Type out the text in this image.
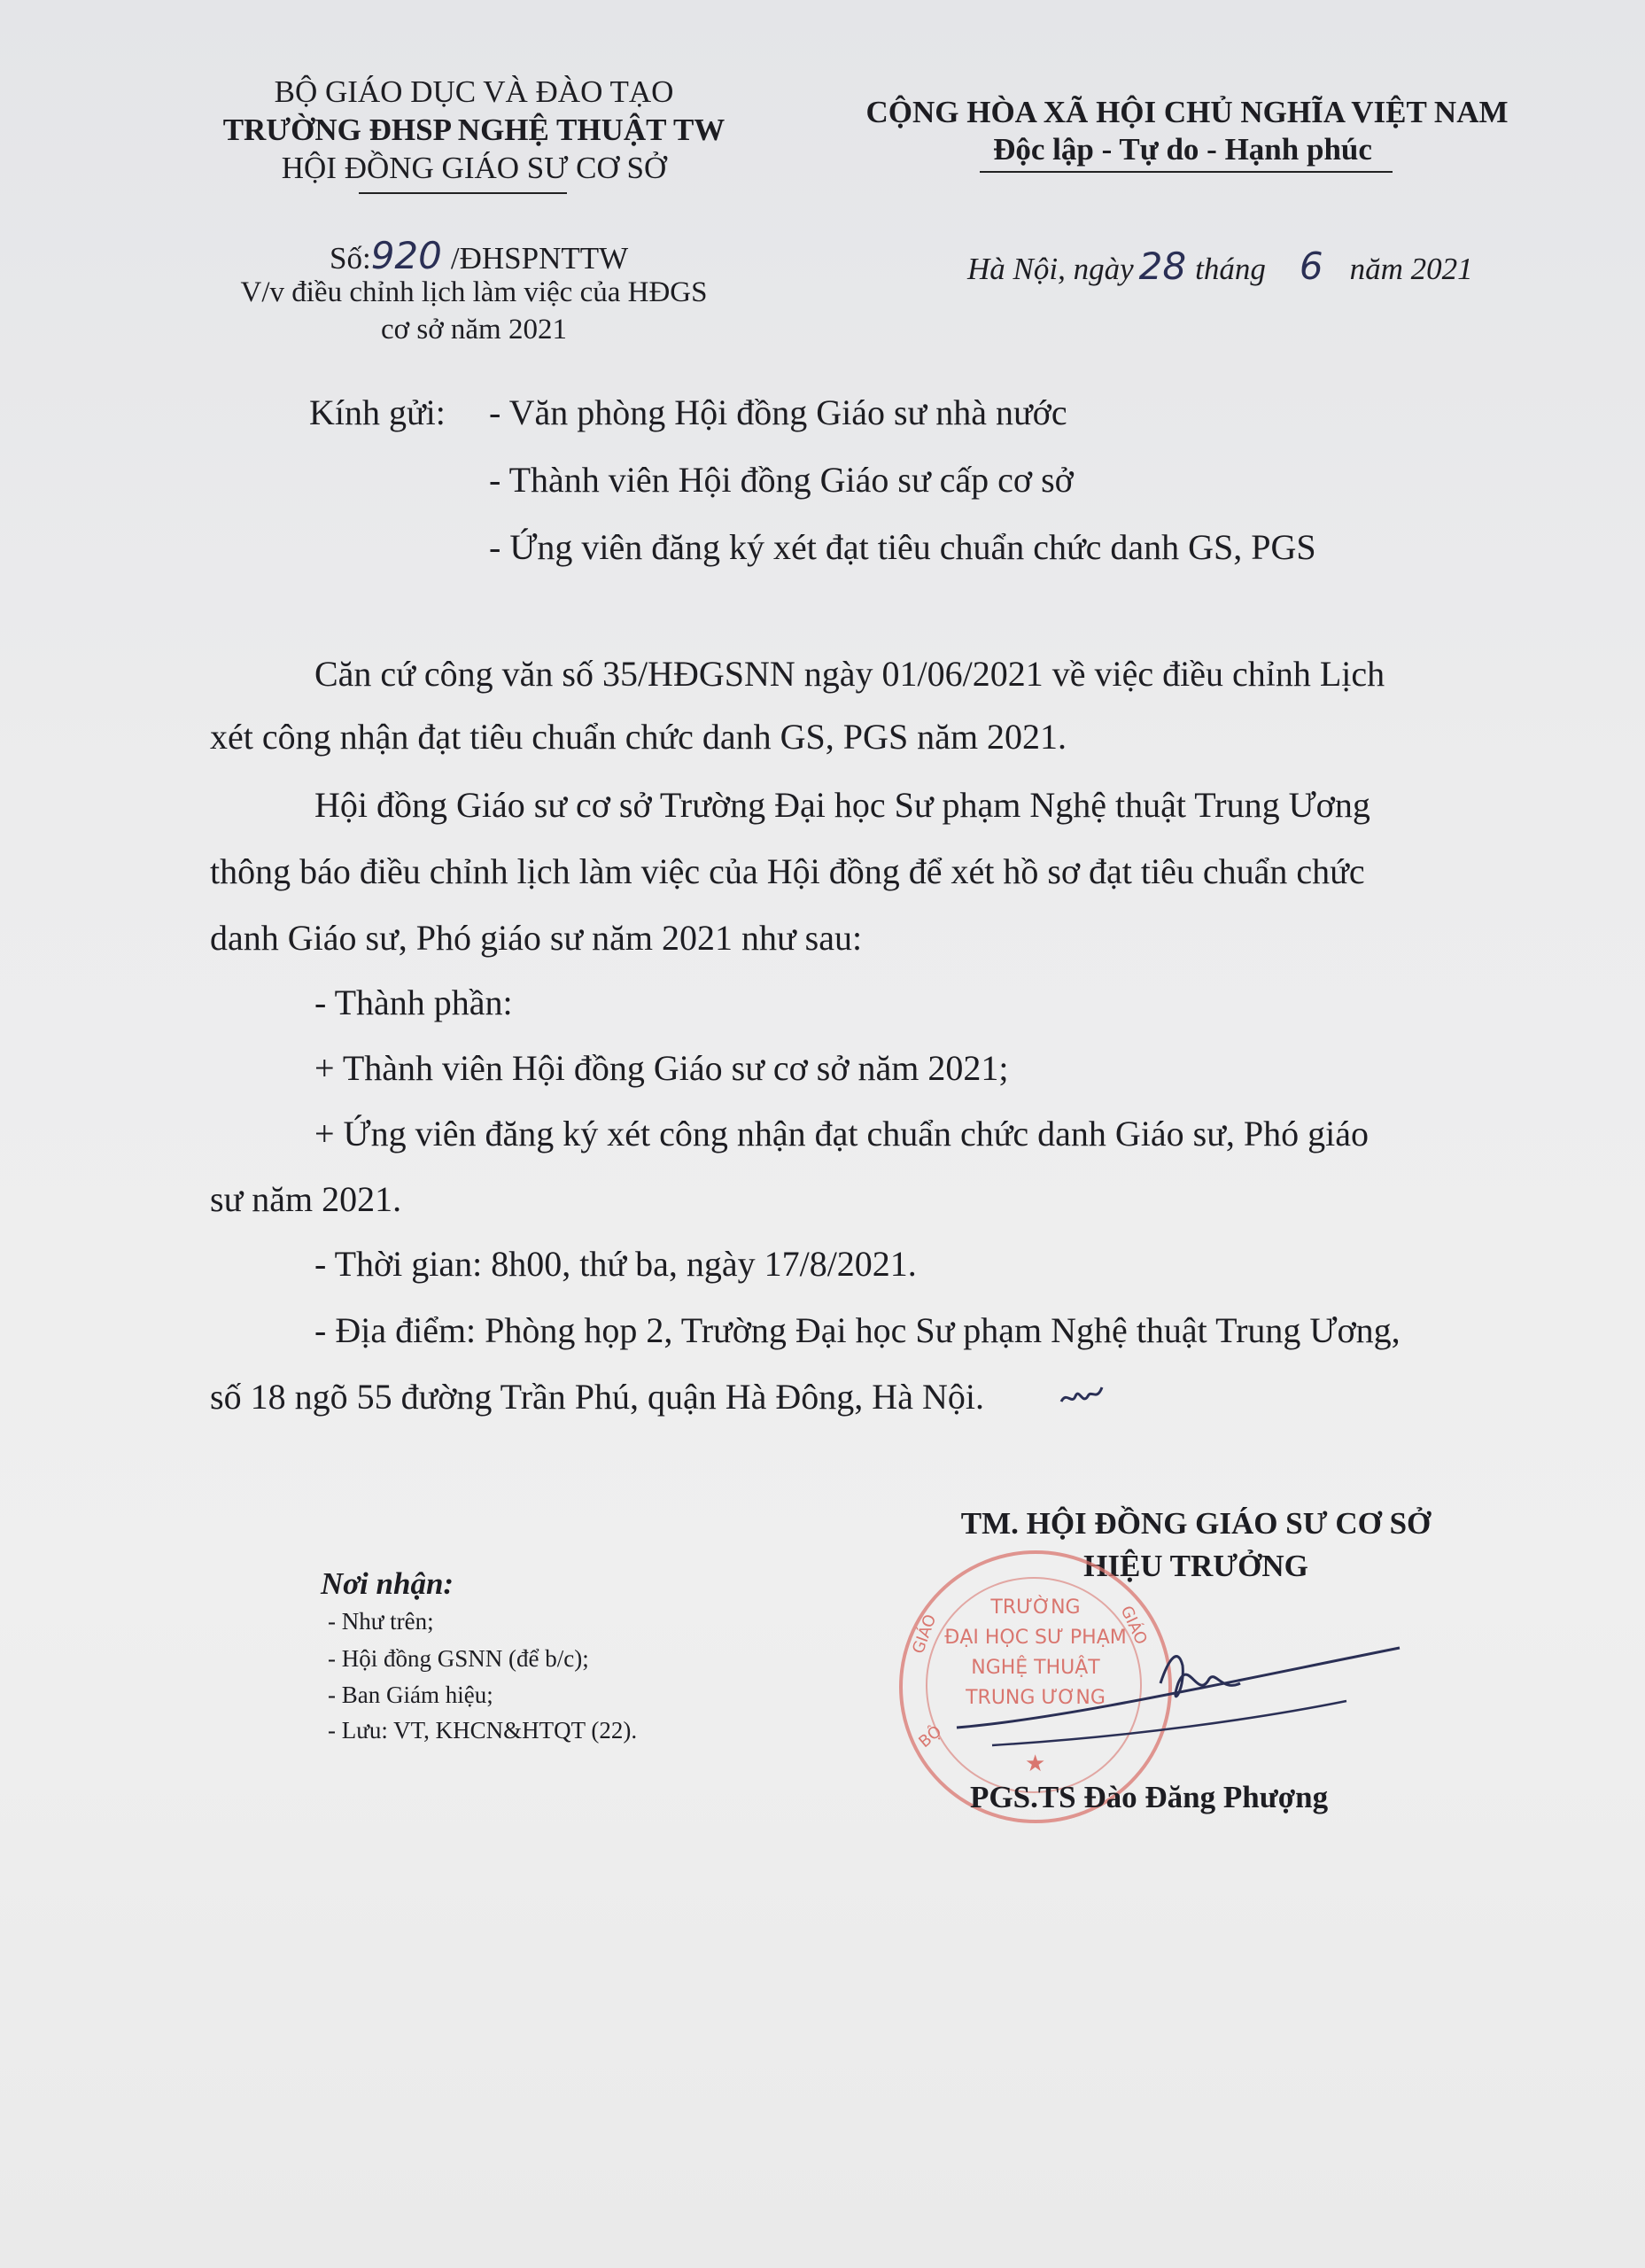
BỘ GIÁO DỤC VÀ ĐÀO TẠO
TRƯỜNG ĐHSP NGHỆ THUẬT TW
HỘI ĐỒNG GIÁO SƯ CƠ SỞ
Số:920 /ĐHSPNTTW
V/v điều chỉnh lịch làm việc của HĐGS
cơ sở năm 2021
CỘNG HÒA XÃ HỘI CHỦ NGHĨA VIỆT NAM
Độc lập - Tự do - Hạnh phúc
Hà Nội, ngày 28 tháng 6 năm 2021
Kính gửi: - Văn phòng Hội đồng Giáo sư nhà nước
- Thành viên Hội đồng Giáo sư cấp cơ sở
- Ứng viên đăng ký xét đạt tiêu chuẩn chức danh GS, PGS
Căn cứ công văn số 35/HĐGSNN ngày 01/06/2021 về việc điều chỉnh Lịch
xét công nhận đạt tiêu chuẩn chức danh GS, PGS năm 2021.
Hội đồng Giáo sư cơ sở Trường Đại học Sư phạm Nghệ thuật Trung Ương
thông báo điều chỉnh lịch làm việc của Hội đồng để xét hồ sơ đạt tiêu chuẩn chức
danh Giáo sư, Phó giáo sư năm 2021 như sau:
- Thành phần:
+ Thành viên Hội đồng Giáo sư cơ sở năm 2021;
+ Ứng viên đăng ký xét công nhận đạt chuẩn chức danh Giáo sư, Phó giáo
sư năm 2021.
- Thời gian: 8h00, thứ ba, ngày 17/8/2021.
- Địa điểm: Phòng họp 2, Trường Đại học Sư phạm Nghệ thuật Trung Ương,
số 18 ngõ 55 đường Trần Phú, quận Hà Đông, Hà Nội.
Nơi nhận:
- Như trên;
- Hội đồng GSNN (để b/c);
- Ban Giám hiệu;
- Lưu: VT, KHCN&HTQT (22).
TM. HỘI ĐỒNG GIÁO SƯ CƠ SỞ
HIỆU TRƯỞNG
TRƯỜNG
ĐẠI HỌC SƯ PHẠM
NGHỆ THUẬT
TRUNG ƯƠNG
GIÁO	GIÁO
BỘ
★
PGS.TS Đào Đăng Phượng
